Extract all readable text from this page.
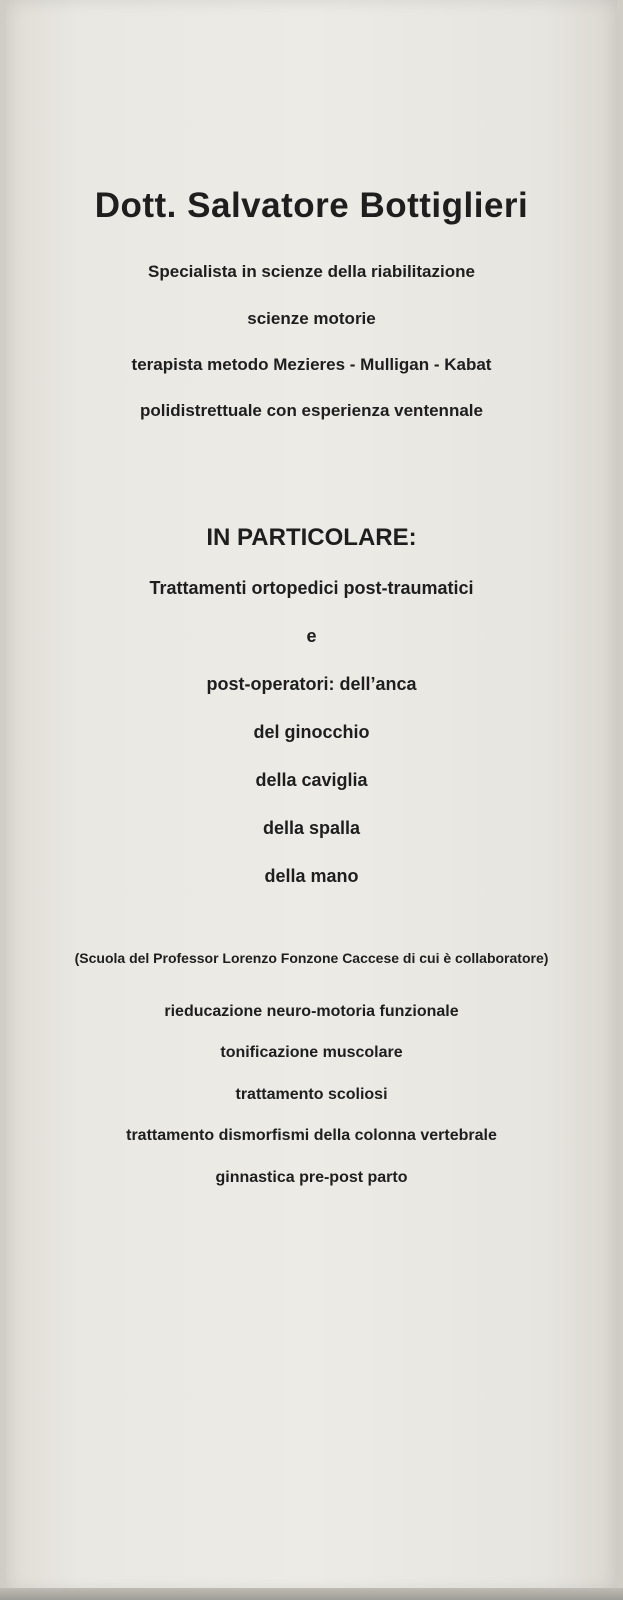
Dott. Salvatore Bottiglieri

Specialista in scienze della riabilitazione

scienze motorie

terapista metodo Mezieres - Mulligan - Kabat

polidistrettuale con esperienza ventennale

IN PARTICOLARE:

Trattamenti ortopedici post-traumatici

e

post-operatori: dell’anca

del ginocchio

della caviglia

della spalla

della mano

(Scuola del Professor Lorenzo Fonzone Caccese di cui è collaboratore)

rieducazione neuro-motoria funzionale

tonificazione muscolare

trattamento scoliosi

trattamento dismorfismi della colonna vertebrale

ginnastica pre-post parto
